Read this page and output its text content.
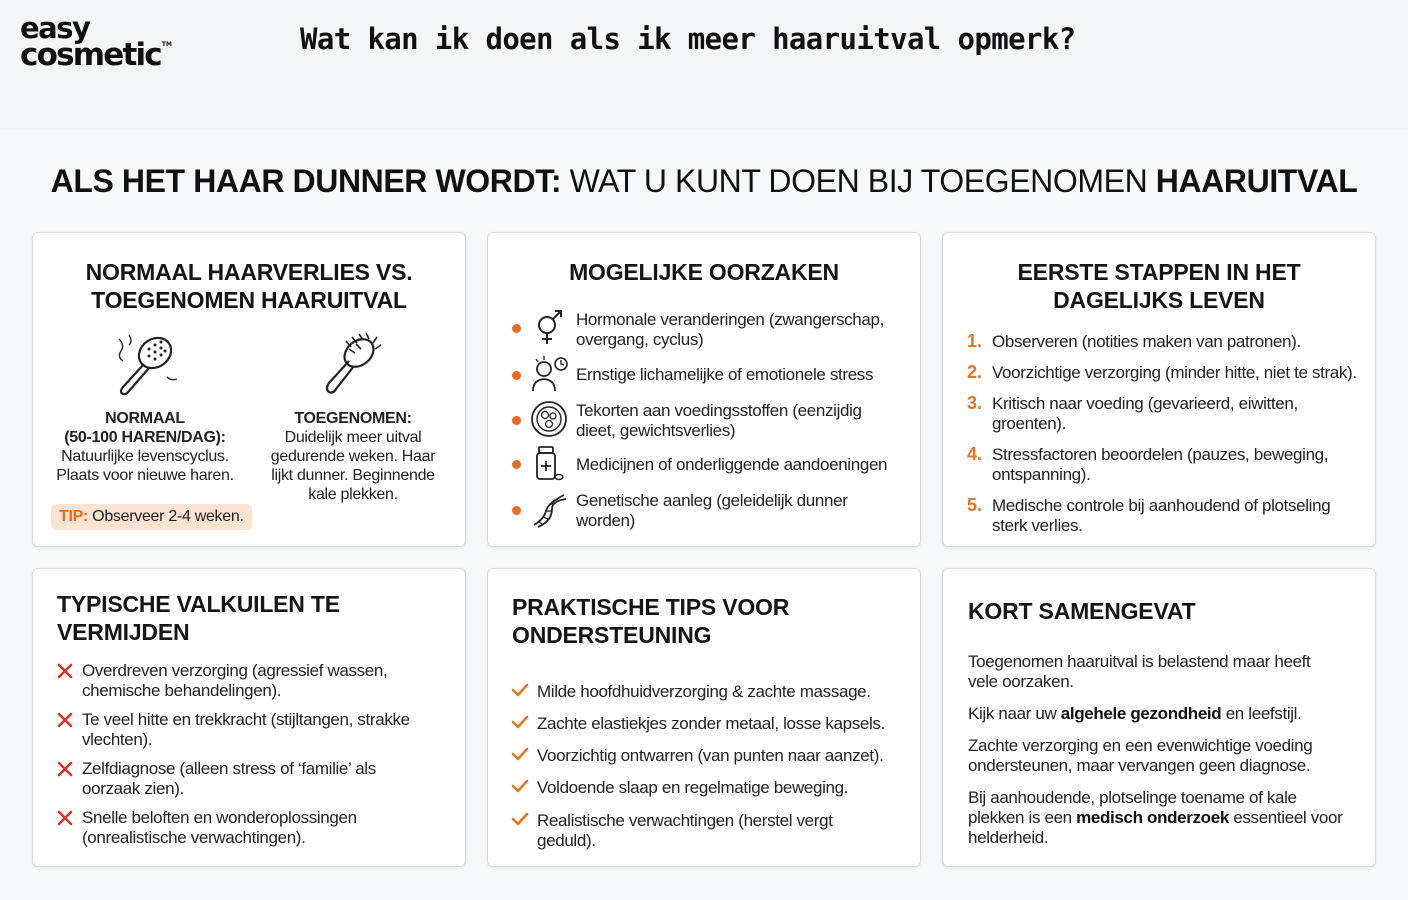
easy
cosmetic™	Wat kan ik doen als ik meer haaruitval opmerk?
ALS HET HAAR DUNNER WORDT: WAT U KUNT DOEN BIJ TOEGENOMEN HAARUITVAL
NORMAAL HAARVERLIES VS.
TOEGENOMEN HAARUITVAL
NORMAAL
(50-100 HAREN/DAG):
Natuurlijke levenscyclus.
Plaats voor nieuwe haren.
TOEGENOMEN:
Duidelijk meer uitval
gedurende weken. Haar
lijkt dunner. Beginnende
kale plekken.
TIP: Observeer 2-4 weken.
MOGELIJKE OORZAKEN
Hormonale veranderingen (zwangerschap,
overgang, cyclus)
Ernstige lichamelijke of emotionele stress
Tekorten aan voedingsstoffen (eenzijdig
dieet, gewichtsverlies)
Medicijnen of onderliggende aandoeningen
Genetische aanleg (geleidelijk dunner
worden)
EERSTE STAPPEN IN HET
DAGELIJKS LEVEN
1. Observeren (notities maken van patronen).
2. Voorzichtige verzorging (minder hitte, niet te strak).
3. Kritisch naar voeding (gevarieerd, eiwitten,
groenten).
4. Stressfactoren beoordelen (pauzes, beweging,
ontspanning).
5. Medische controle bij aanhoudend of plotseling
sterk verlies.
TYPISCHE VALKUILEN TE
VERMIJDEN
Overdreven verzorging (agressief wassen,
chemische behandelingen).
Te veel hitte en trekkracht (stijltangen, strakke
vlechten).
Zelfdiagnose (alleen stress of ‘familie’ als
oorzaak zien).
Snelle beloften en wonderoplossingen
(onrealistische verwachtingen).
PRAKTISCHE TIPS VOOR
ONDERSTEUNING
Milde hoofdhuidverzorging & zachte massage.
Zachte elastiekjes zonder metaal, losse kapsels.
Voorzichtig ontwarren (van punten naar aanzet).
Voldoende slaap en regelmatige beweging.
Realistische verwachtingen (herstel vergt
geduld).
KORT SAMENGEVAT
Toegenomen haaruitval is belastend maar heeft
vele oorzaken.
Kijk naar uw algehele gezondheid en leefstijl.
Zachte verzorging en een evenwichtige voeding
ondersteunen, maar vervangen geen diagnose.
Bij aanhoudende, plotselinge toename of kale
plekken is een medisch onderzoek essentieel voor
helderheid.
